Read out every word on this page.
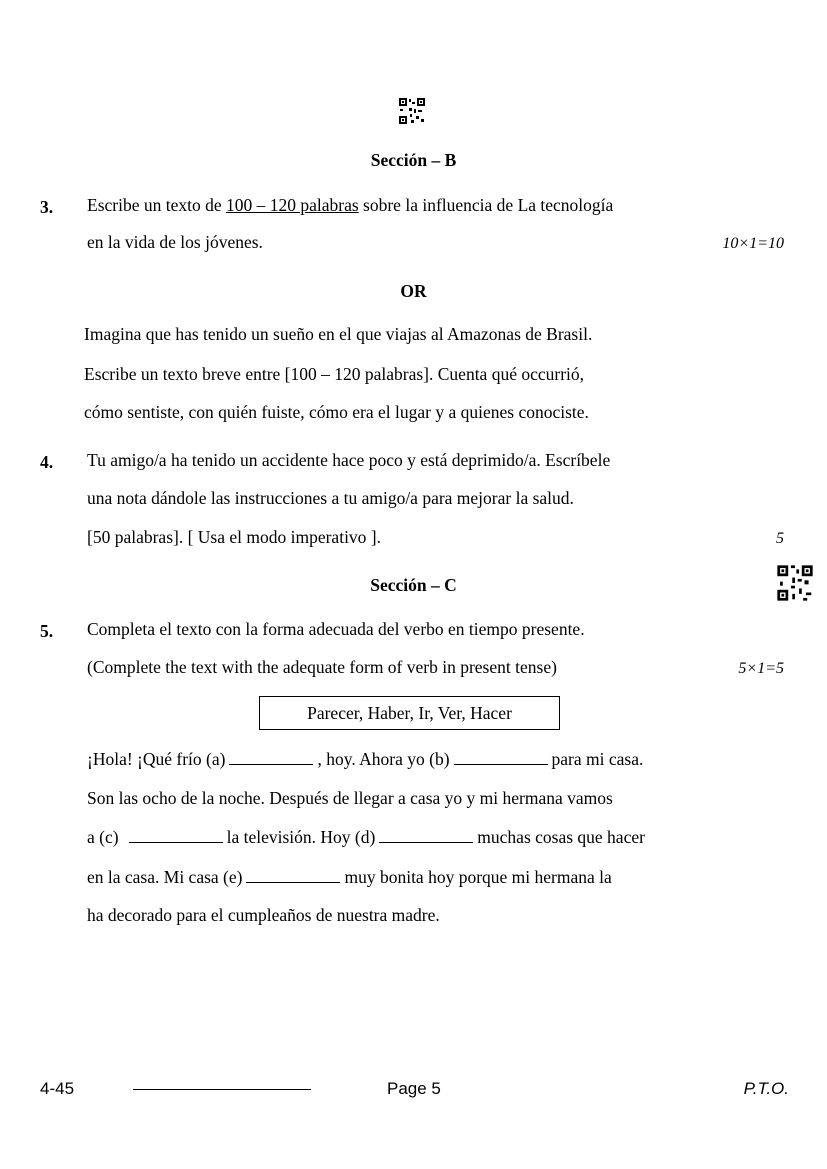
Sección – B
3. Escribe un texto de 100 – 120 palabras sobre la influencia de La tecnología
en la vida de los jóvenes.	10×1=10
OR
Imagina que has tenido un sueño en el que viajas al Amazonas de Brasil.
Escribe un texto breve entre [100 – 120 palabras]. Cuenta qué occurrió,
cómo sentiste, con quién fuiste, cómo era el lugar y a quienes conociste.
4. Tu amigo/a ha tenido un accidente hace poco y está deprimido/a. Escríbele
una nota dándole las instrucciones a tu amigo/a para mejorar la salud.
[50 palabras]. [ Usa el modo imperativo ].	5
Sección – C
5. Completa el texto con la forma adecuada del verbo en tiempo presente.
(Complete the text with the adequate form of verb in present tense)	5×1=5
Parecer, Haber, Ir, Ver, Hacer
¡Hola! ¡Qué frío (a)	, hoy. Ahora yo (b)	para mi casa.
Son las ocho de la noche. Después de llegar a casa yo y mi hermana vamos
a (c)	la televisión. Hoy (d)	muchas cosas que hacer
en la casa. Mi casa (e)	muy bonita hoy porque mi hermana la
ha decorado para el cumpleaños de nuestra madre.
4-45	Page 5	P.T.O.
